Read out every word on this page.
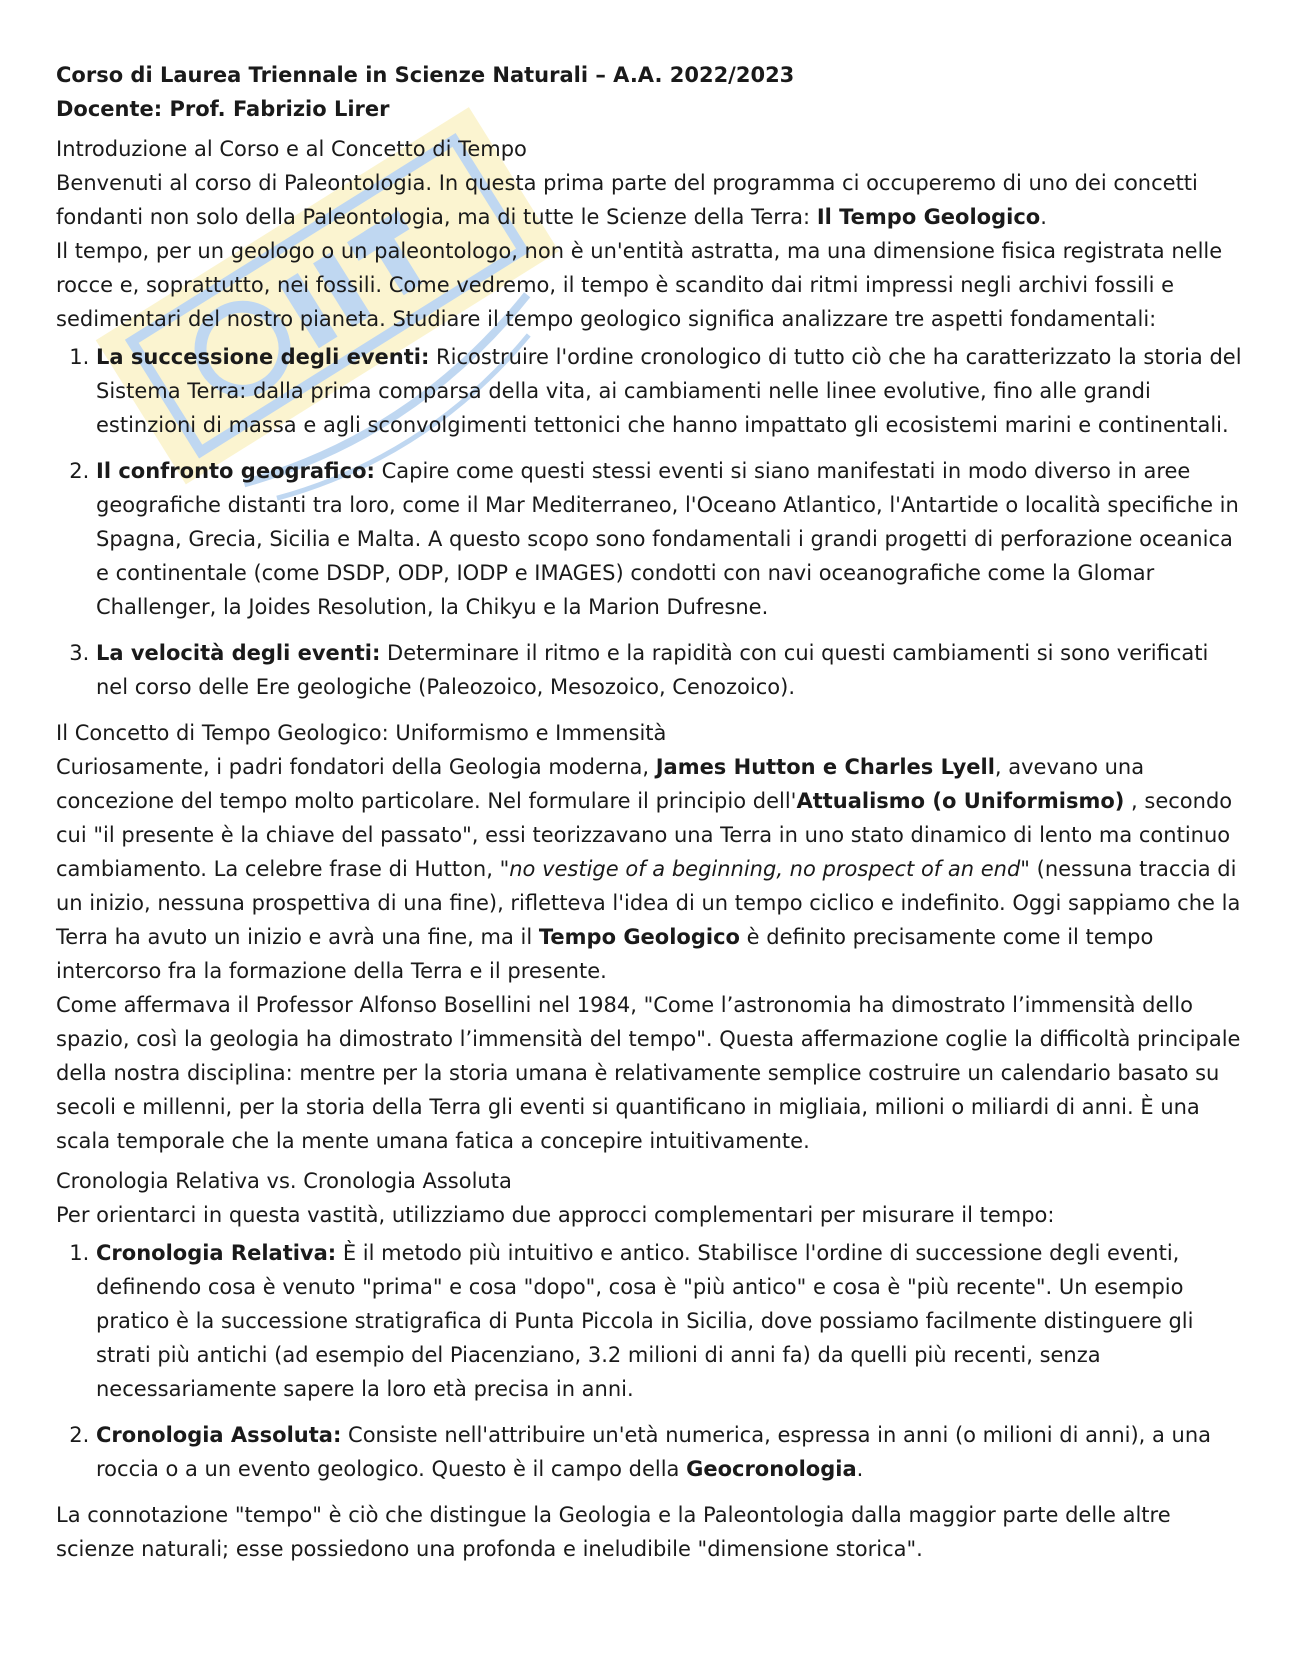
Corso di Laurea Triennale in Scienze Naturali – A.A. 2022/2023

Docente: Prof. Fabrizio Lirer

Introduzione al Corso e al Concetto di Tempo

Benvenuti al corso di Paleontologia. In questa prima parte del programma ci occuperemo di uno dei concetti fondanti non solo della Paleontologia, ma di tutte le Scienze della Terra: Il Tempo Geologico.

Il tempo, per un geologo o un paleontologo, non è un'entità astratta, ma una dimensione fisica registrata nelle rocce e, soprattutto, nei fossili. Come vedremo, il tempo è scandito dai ritmi impressi negli archivi fossili e sedimentari del nostro pianeta. Studiare il tempo geologico significa analizzare tre aspetti fondamentali:

1. La successione degli eventi: Ricostruire l'ordine cronologico di tutto ciò che ha caratterizzato la storia del Sistema Terra: dalla prima comparsa della vita, ai cambiamenti nelle linee evolutive, fino alle grandi estinzioni di massa e agli sconvolgimenti tettonici che hanno impattato gli ecosistemi marini e continentali.
2. Il confronto geografico: Capire come questi stessi eventi si siano manifestati in modo diverso in aree geografiche distanti tra loro, come il Mar Mediterraneo, l'Oceano Atlantico, l'Antartide o località specifiche in Spagna, Grecia, Sicilia e Malta. A questo scopo sono fondamentali i grandi progetti di perforazione oceanica e continentale (come DSDP, ODP, IODP e IMAGES) condotti con navi oceanografiche come la Glomar Challenger, la Joides Resolution, la Chikyu e la Marion Dufresne.
3. La velocità degli eventi: Determinare il ritmo e la rapidità con cui questi cambiamenti si sono verificati nel corso delle Ere geologiche (Paleozoico, Mesozoico, Cenozoico).

Il Concetto di Tempo Geologico: Uniformismo e Immensità

Curiosamente, i padri fondatori della Geologia moderna, James Hutton e Charles Lyell, avevano una concezione del tempo molto particolare. Nel formulare il principio dell'Attualismo (o Uniformismo) , secondo cui "il presente è la chiave del passato", essi teorizzavano una Terra in uno stato dinamico di lento ma continuo cambiamento. La celebre frase di Hutton, "no vestige of a beginning, no prospect of an end" (nessuna traccia di un inizio, nessuna prospettiva di una fine), rifletteva l'idea di un tempo ciclico e indefinito. Oggi sappiamo che la Terra ha avuto un inizio e avrà una fine, ma il Tempo Geologico è definito precisamente come il tempo intercorso fra la formazione della Terra e il presente.

Come affermava il Professor Alfonso Bosellini nel 1984, "Come l’astronomia ha dimostrato l’immensità dello spazio, così la geologia ha dimostrato l’immensità del tempo". Questa affermazione coglie la difficoltà principale della nostra disciplina: mentre per la storia umana è relativamente semplice costruire un calendario basato su secoli e millenni, per la storia della Terra gli eventi si quantificano in migliaia, milioni o miliardi di anni. È una scala temporale che la mente umana fatica a concepire intuitivamente.

Cronologia Relativa vs. Cronologia Assoluta

Per orientarci in questa vastità, utilizziamo due approcci complementari per misurare il tempo:

1. Cronologia Relativa: È il metodo più intuitivo e antico. Stabilisce l'ordine di successione degli eventi, definendo cosa è venuto "prima" e cosa "dopo", cosa è "più antico" e cosa è "più recente". Un esempio pratico è la successione stratigrafica di Punta Piccola in Sicilia, dove possiamo facilmente distinguere gli strati più antichi (ad esempio del Piacenziano, 3.2 milioni di anni fa) da quelli più recenti, senza necessariamente sapere la loro età precisa in anni.
2. Cronologia Assoluta: Consiste nell'attribuire un'età numerica, espressa in anni (o milioni di anni), a una roccia o a un evento geologico. Questo è il campo della Geocronologia.

La connotazione "tempo" è ciò che distingue la Geologia e la Paleontologia dalla maggior parte delle altre scienze naturali; esse possiedono una profonda e ineludibile "dimensione storica".
